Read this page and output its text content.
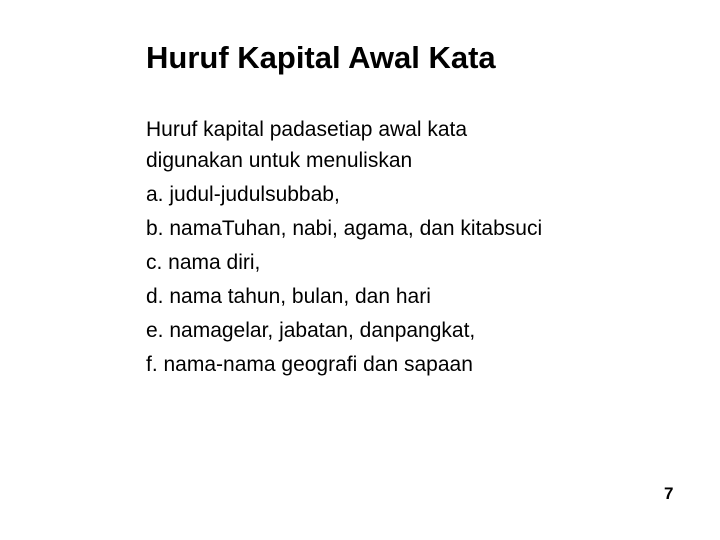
Huruf Kapital Awal Kata
Huruf kapital padasetiap awal kata
digunakan untuk menuliskan
a. judul-judulsubbab,
b. namaTuhan, nabi, agama, dan kitabsuci
c. nama diri,
d. nama tahun, bulan, dan hari
e. namagelar, jabatan, danpangkat,
f. nama-nama geografi dan sapaan
7
